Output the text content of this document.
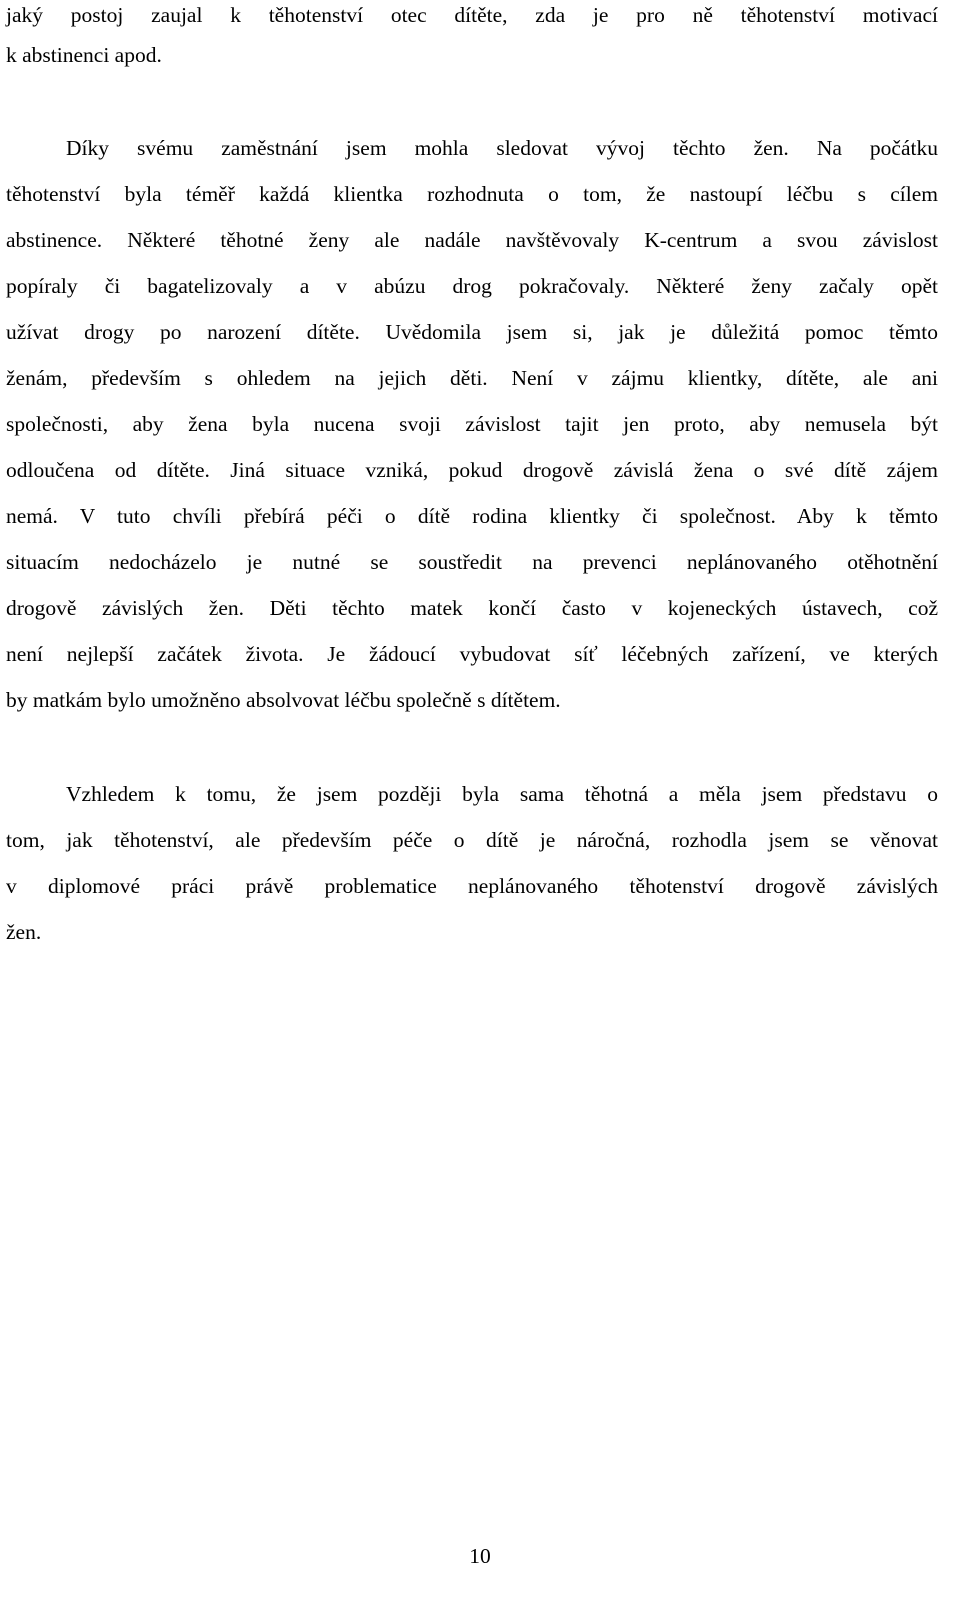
jaký postoj zaujal k těhotenství otec dítěte, zda je pro ně těhotenství motivací
k abstinenci apod.
Díky svému zaměstnání jsem mohla sledovat vývoj těchto žen. Na počátku
těhotenství byla téměř každá klientka rozhodnuta o tom, že nastoupí léčbu s cílem
abstinence. Některé těhotné ženy ale nadále navštěvovaly K-centrum a svou závislost
popíraly či bagatelizovaly a v abúzu drog pokračovaly. Některé ženy začaly opět
užívat drogy po narození dítěte. Uvědomila jsem si, jak je důležitá pomoc těmto
ženám, především s ohledem na jejich děti. Není v zájmu klientky, dítěte, ale ani
společnosti, aby žena byla nucena svoji závislost tajit jen proto, aby nemusela být
odloučena od dítěte. Jiná situace vzniká, pokud drogově závislá žena o své dítě zájem
nemá. V tuto chvíli přebírá péči o dítě rodina klientky či společnost. Aby k těmto
situacím nedocházelo je nutné se soustředit na prevenci neplánovaného otěhotnění
drogově závislých žen. Děti těchto matek končí často v kojeneckých ústavech, což
není nejlepší začátek života. Je žádoucí vybudovat síť léčebných zařízení, ve kterých
by matkám bylo umožněno absolvovat léčbu společně s dítětem.
Vzhledem k tomu, že jsem později byla sama těhotná a měla jsem představu o
tom, jak těhotenství, ale především péče o dítě je náročná, rozhodla jsem se věnovat
v diplomové práci právě problematice neplánovaného těhotenství drogově závislých
žen.
10
